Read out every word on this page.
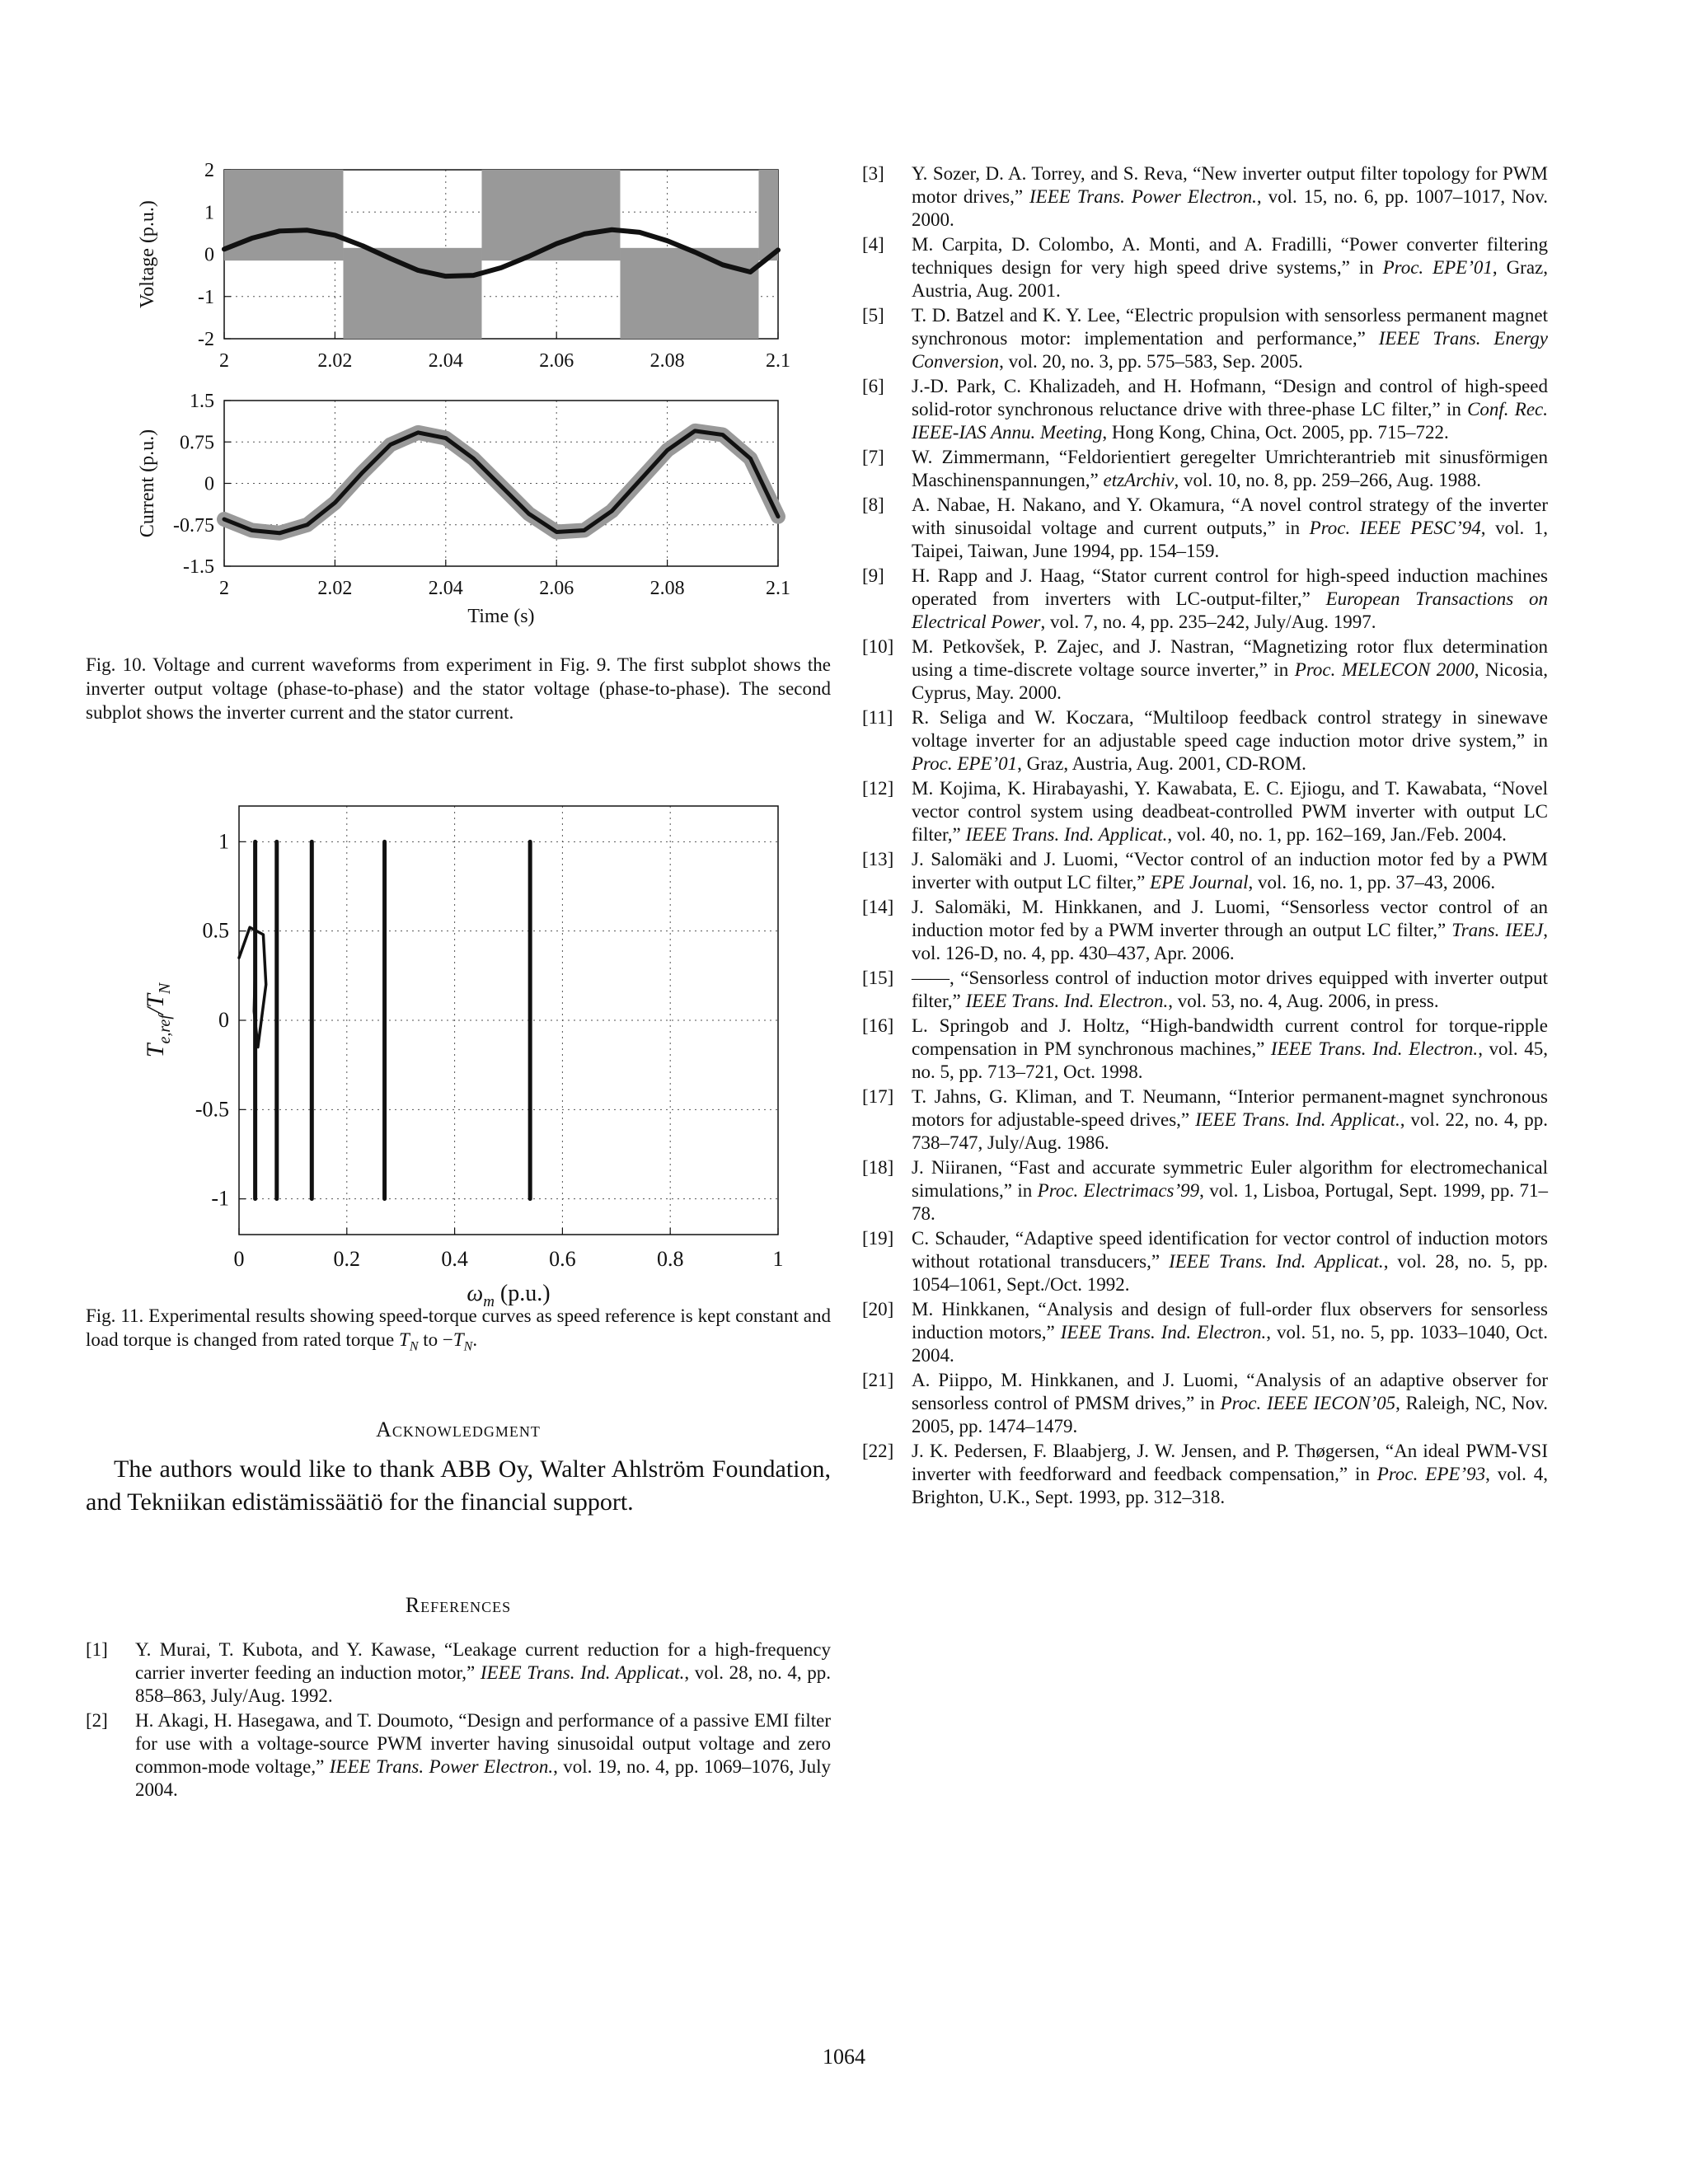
2	2.02	2.04	2.06	2.08	2.1
2
1
0
-1
-2
Voltage (p.u.)
2	2.02	2.04	2.06	2.08	2.1
1.5
0.75
0
-0.75
-1.5
Current (p.u.)
Time (s)
Fig. 10. Voltage and current waveforms from experiment in Fig. 9. The first subplot shows the inverter output voltage (phase-to-phase) and the stator voltage (phase-to-phase). The second subplot shows the inverter current and the stator current.
0	0.2	0.4	0.6	0.8	1
1
0.5
0
-0.5
-1
$T_{e,ref}/T_N$
$\omega_m$ (p.u.)
Fig. 11. Experimental results showing speed-torque curves as speed reference is kept constant and load torque is changed from rated torque $T_N$ to $-T_N$.
Acknowledgment
The authors would like to thank ABB Oy, Walter Ahlström Foundation, and Tekniikan edistämissäätiö for the financial support.
References
[1]	Y. Murai, T. Kubota, and Y. Kawase, “Leakage current reduction for a high-frequency carrier inverter feeding an induction motor,” IEEE Trans. Ind. Applicat., vol. 28, no. 4, pp. 858–863, July/Aug. 1992.
[2]	H. Akagi, H. Hasegawa, and T. Doumoto, “Design and performance of a passive EMI filter for use with a voltage-source PWM inverter having sinusoidal output voltage and zero common-mode voltage,” IEEE Trans. Power Electron., vol. 19, no. 4, pp. 1069–1076, July 2004.
[3]	Y. Sozer, D. A. Torrey, and S. Reva, “New inverter output filter topology for PWM motor drives,” IEEE Trans. Power Electron., vol. 15, no. 6, pp. 1007–1017, Nov. 2000.
[4]	M. Carpita, D. Colombo, A. Monti, and A. Fradilli, “Power converter filtering techniques design for very high speed drive systems,” in Proc. EPE’01, Graz, Austria, Aug. 2001.
[5]	T. D. Batzel and K. Y. Lee, “Electric propulsion with sensorless permanent magnet synchronous motor: implementation and performance,” IEEE Trans. Energy Conversion, vol. 20, no. 3, pp. 575–583, Sep. 2005.
[6]	J.-D. Park, C. Khalizadeh, and H. Hofmann, “Design and control of high-speed solid-rotor synchronous reluctance drive with three-phase LC filter,” in Conf. Rec. IEEE-IAS Annu. Meeting, Hong Kong, China, Oct. 2005, pp. 715–722.
[7]	W. Zimmermann, “Feldorientiert geregelter Umrichterantrieb mit sinusförmigen Maschinenspannungen,” etzArchiv, vol. 10, no. 8, pp. 259–266, Aug. 1988.
[8]	A. Nabae, H. Nakano, and Y. Okamura, “A novel control strategy of the inverter with sinusoidal voltage and current outputs,” in Proc. IEEE PESC’94, vol. 1, Taipei, Taiwan, June 1994, pp. 154–159.
[9]	H. Rapp and J. Haag, “Stator current control for high-speed induction machines operated from inverters with LC-output-filter,” European Transactions on Electrical Power, vol. 7, no. 4, pp. 235–242, July/Aug. 1997.
[10] M. Petkovšek, P. Zajec, and J. Nastran, “Magnetizing rotor flux determination using a time-discrete voltage source inverter,” in Proc. MELECON 2000, Nicosia, Cyprus, May. 2000.
[11] R. Seliga and W. Koczara, “Multiloop feedback control strategy in sinewave voltage inverter for an adjustable speed cage induction motor drive system,” in Proc. EPE’01, Graz, Austria, Aug. 2001, CD-ROM.
[12] M. Kojima, K. Hirabayashi, Y. Kawabata, E. C. Ejiogu, and T. Kawabata, “Novel vector control system using deadbeat-controlled PWM inverter with output LC filter,” IEEE Trans. Ind. Applicat., vol. 40, no. 1, pp. 162–169, Jan./Feb. 2004.
[13] J. Salomäki and J. Luomi, “Vector control of an induction motor fed by a PWM inverter with output LC filter,” EPE Journal, vol. 16, no. 1, pp. 37–43, 2006.
[14] J. Salomäki, M. Hinkkanen, and J. Luomi, “Sensorless vector control of an induction motor fed by a PWM inverter through an output LC filter,” Trans. IEEJ, vol. 126-D, no. 4, pp. 430–437, Apr. 2006.
[15] ——, “Sensorless control of induction motor drives equipped with inverter output filter,” IEEE Trans. Ind. Electron., vol. 53, no. 4, Aug. 2006, in press.
[16] L. Springob and J. Holtz, “High-bandwidth current control for torque-ripple compensation in PM synchronous machines,” IEEE Trans. Ind. Electron., vol. 45, no. 5, pp. 713–721, Oct. 1998.
[17] T. Jahns, G. Kliman, and T. Neumann, “Interior permanent-magnet synchronous motors for adjustable-speed drives,” IEEE Trans. Ind. Applicat., vol. 22, no. 4, pp. 738–747, July/Aug. 1986.
[18] J. Niiranen, “Fast and accurate symmetric Euler algorithm for electromechanical simulations,” in Proc. Electrimacs’99, vol. 1, Lisboa, Portugal, Sept. 1999, pp. 71–78.
[19] C. Schauder, “Adaptive speed identification for vector control of induction motors without rotational transducers,” IEEE Trans. Ind. Applicat., vol. 28, no. 5, pp. 1054–1061, Sept./Oct. 1992.
[20] M. Hinkkanen, “Analysis and design of full-order flux observers for sensorless induction motors,” IEEE Trans. Ind. Electron., vol. 51, no. 5, pp. 1033–1040, Oct. 2004.
[21] A. Piippo, M. Hinkkanen, and J. Luomi, “Analysis of an adaptive observer for sensorless control of PMSM drives,” in Proc. IEEE IECON’05, Raleigh, NC, Nov. 2005, pp. 1474–1479.
[22] J. K. Pedersen, F. Blaabjerg, J. W. Jensen, and P. Thøgersen, “An ideal PWM-VSI inverter with feedforward and feedback compensation,” in Proc. EPE’93, vol. 4, Brighton, U.K., Sept. 1993, pp. 312–318.
1064
